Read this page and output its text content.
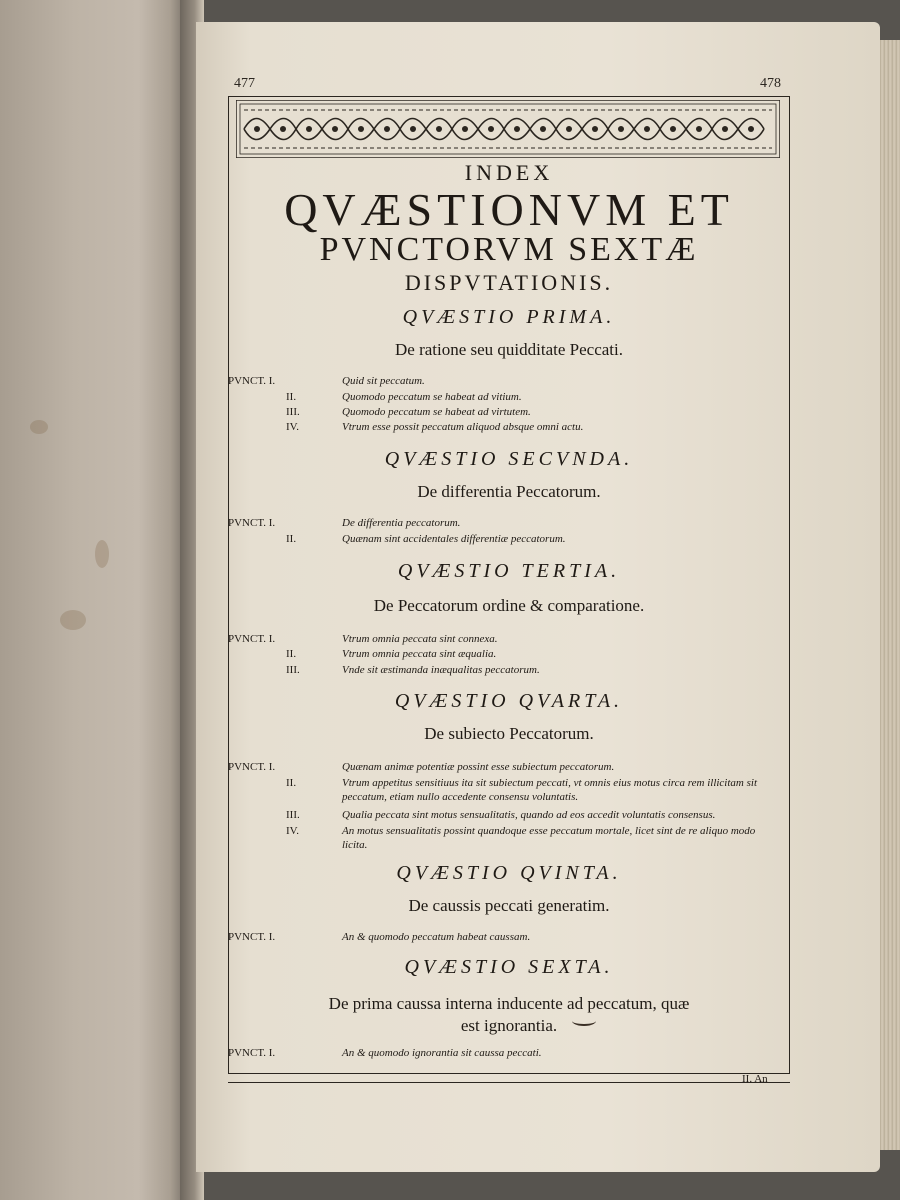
477	478
INDEX
QVÆSTIONVM ET
PVNCTORVM SEXTÆ
DISPVTATIONIS.
QVÆSTIO PRIMA.
De ratione seu quidditate Peccati.
PVNCT. I.	Quid sit peccatum.
II.	Quomodo peccatum se habeat ad vitium.
III.	Quomodo peccatum se habeat ad virtutem.
IV.	Vtrum esse possit peccatum aliquod absque omni actu.
QVÆSTIO SECVNDA.
De differentia Peccatorum.
PVNCT. I.	De differentia peccatorum.
II.	Quænam sint accidentales differentiæ peccatorum.
QVÆSTIO TERTIA.
De Peccatorum ordine & comparatione.
PVNCT. I.	Vtrum omnia peccata sint connexa.
II.	Vtrum omnia peccata sint æqualia.
III.	Vnde sit æstimanda inæqualitas peccatorum.
QVÆSTIO QVARTA.
De subiecto Peccatorum.
PVNCT. I.	Quænam animæ potentiæ possint esse subiectum peccatorum.
II.	Vtrum appetitus sensitiuus ita sit subiectum peccati, vt omnis eius motus circa rem illicitam sit peccatum, etiam nullo accedente consensu voluntatis.
III.	Qualia peccata sint motus sensualitatis, quando ad eos accedit voluntatis consensus.
IV.	An motus sensualitatis possint quandoque esse peccatum mortale, licet sint de re aliquo modo licita.
QVÆSTIO QVINTA.
De caussis peccati generatim.
PVNCT. I.	An & quomodo peccatum habeat caussam.
QVÆSTIO SEXTA.
De prima caussa interna inducente ad peccatum, quæ
est ignorantia.
PVNCT. I.	An & quomodo ignorantia sit caussa peccati.
II. An
